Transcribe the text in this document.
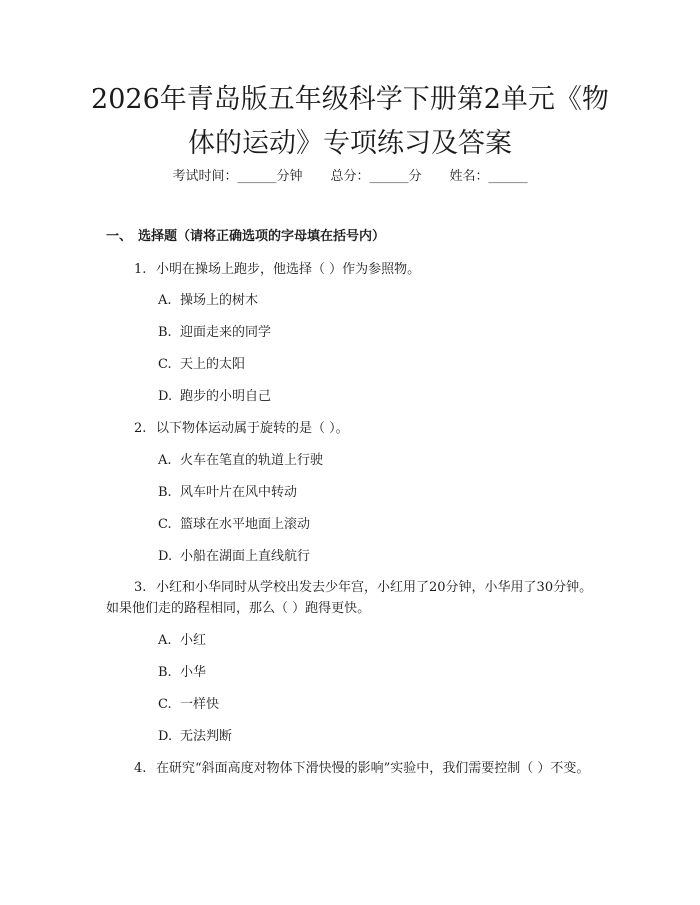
2026年青岛版五年级科学下册第2单元《物体的运动》专项练习及答案
考试时间：______分钟 总分：______分 姓名：______
一、 选择题（请将正确选项的字母填在括号内）

1. 小明在操场上跑步，他选择（ ）作为参照物。

A. 操场上的树木
B. 迎面走来的同学
C. 天上的太阳
D. 跑步的小明自己

2. 以下物体运动属于旋转的是（ ）。

A. 火车在笔直的轨道上行驶
B. 风车叶片在风中转动
C. 篮球在水平地面上滚动
D. 小船在湖面上直线航行

3. 小红和小华同时从学校出发去少年宫，小红用了20分钟，小华用了30分钟。如果他们走的路程相同，那么（ ）跑得更快。

A. 小红
B. 小华
C. 一样快
D. 无法判断

4. 在研究“斜面高度对物体下滑快慢的影响”实验中，我们需要控制（ ）不变。
